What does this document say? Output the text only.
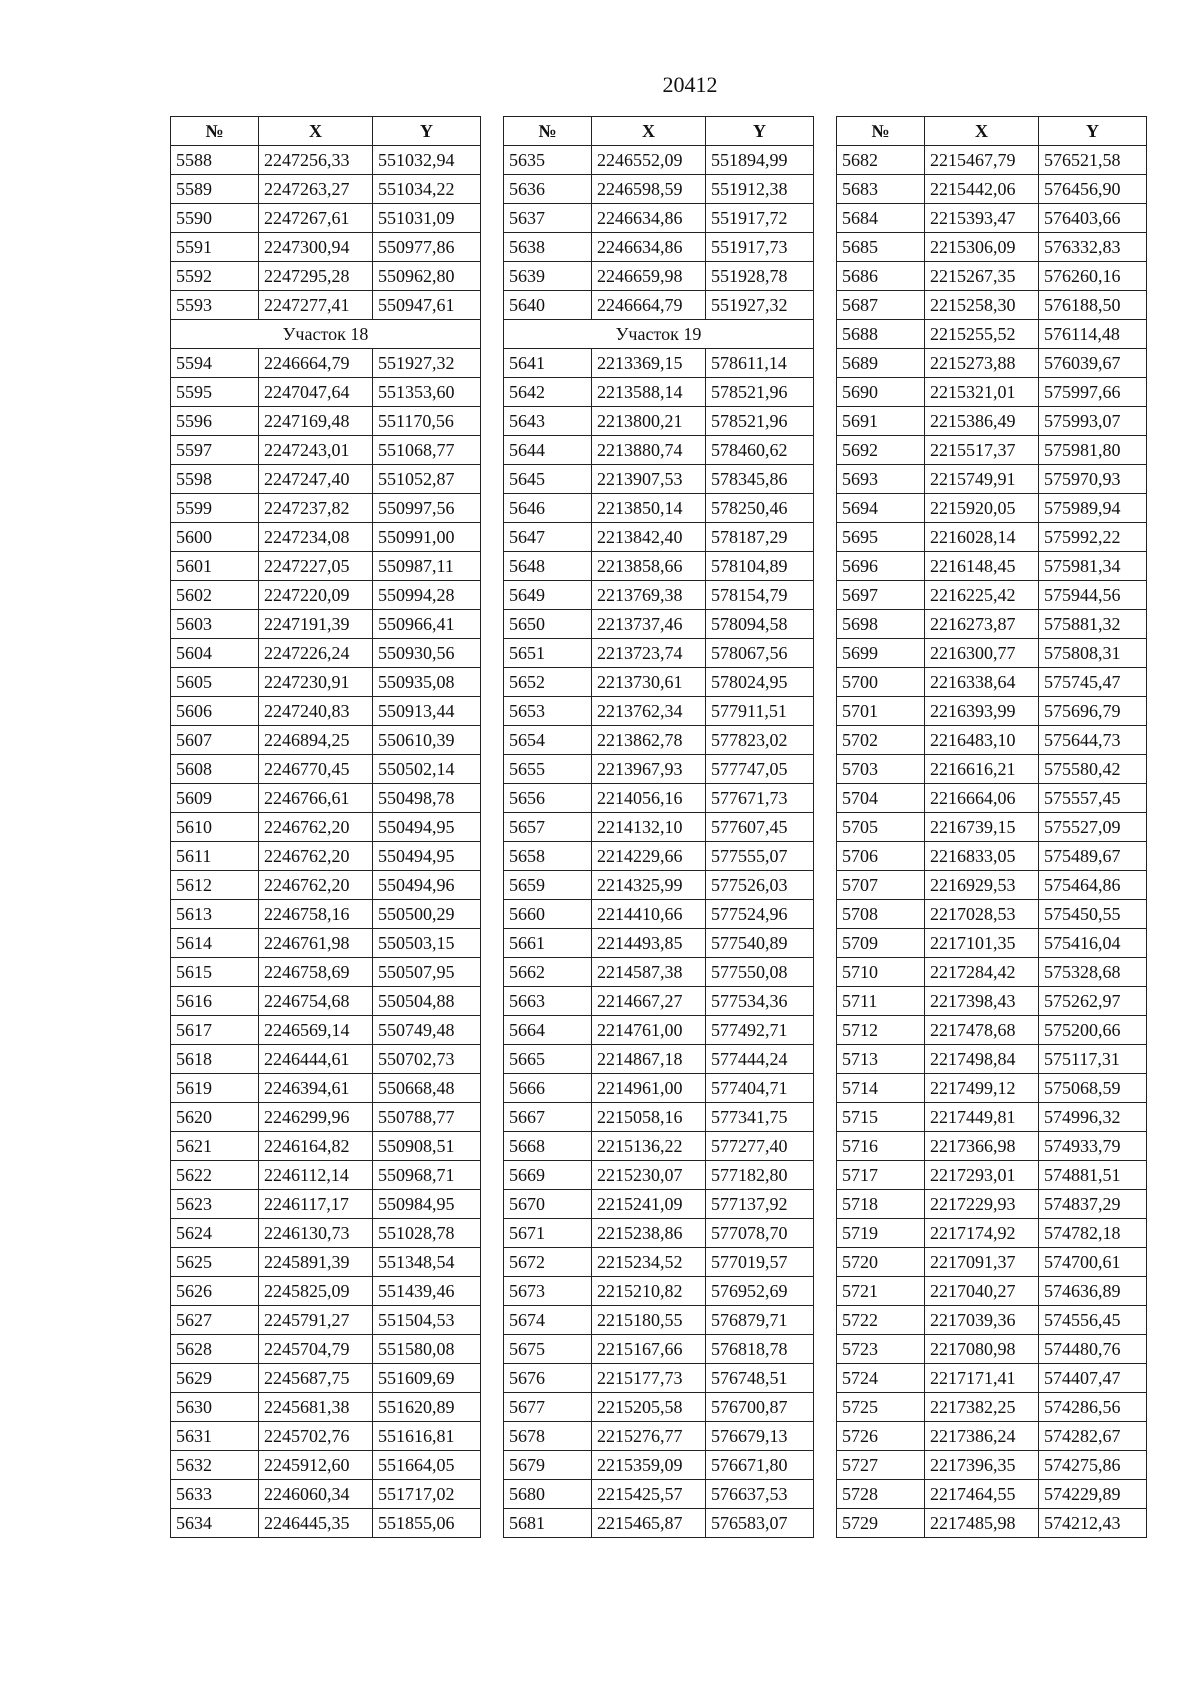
20412
№	X	Y
5588	2247256,33	551032,94
5589	2247263,27	551034,22
5590	2247267,61	551031,09
5591	2247300,94	550977,86
5592	2247295,28	550962,80
5593	2247277,41	550947,61
Участок 18		
5594	2246664,79	551927,32
5595	2247047,64	551353,60
5596	2247169,48	551170,56
5597	2247243,01	551068,77
5598	2247247,40	551052,87
5599	2247237,82	550997,56
5600	2247234,08	550991,00
5601	2247227,05	550987,11
5602	2247220,09	550994,28
5603	2247191,39	550966,41
5604	2247226,24	550930,56
5605	2247230,91	550935,08
5606	2247240,83	550913,44
5607	2246894,25	550610,39
5608	2246770,45	550502,14
5609	2246766,61	550498,78
5610	2246762,20	550494,95
5611	2246762,20	550494,95
5612	2246762,20	550494,96
5613	2246758,16	550500,29
5614	2246761,98	550503,15
5615	2246758,69	550507,95
5616	2246754,68	550504,88
5617	2246569,14	550749,48
5618	2246444,61	550702,73
5619	2246394,61	550668,48
5620	2246299,96	550788,77
5621	2246164,82	550908,51
5622	2246112,14	550968,71
5623	2246117,17	550984,95
5624	2246130,73	551028,78
5625	2245891,39	551348,54
5626	2245825,09	551439,46
5627	2245791,27	551504,53
5628	2245704,79	551580,08
5629	2245687,75	551609,69
5630	2245681,38	551620,89
5631	2245702,76	551616,81
5632	2245912,60	551664,05
5633	2246060,34	551717,02
5634	2246445,35	551855,06
№	X	Y
5635	2246552,09	551894,99
5636	2246598,59	551912,38
5637	2246634,86	551917,72
5638	2246634,86	551917,73
5639	2246659,98	551928,78
5640	2246664,79	551927,32
Участок 19		
5641	2213369,15	578611,14
5642	2213588,14	578521,96
5643	2213800,21	578521,96
5644	2213880,74	578460,62
5645	2213907,53	578345,86
5646	2213850,14	578250,46
5647	2213842,40	578187,29
5648	2213858,66	578104,89
5649	2213769,38	578154,79
5650	2213737,46	578094,58
5651	2213723,74	578067,56
5652	2213730,61	578024,95
5653	2213762,34	577911,51
5654	2213862,78	577823,02
5655	2213967,93	577747,05
5656	2214056,16	577671,73
5657	2214132,10	577607,45
5658	2214229,66	577555,07
5659	2214325,99	577526,03
5660	2214410,66	577524,96
5661	2214493,85	577540,89
5662	2214587,38	577550,08
5663	2214667,27	577534,36
5664	2214761,00	577492,71
5665	2214867,18	577444,24
5666	2214961,00	577404,71
5667	2215058,16	577341,75
5668	2215136,22	577277,40
5669	2215230,07	577182,80
5670	2215241,09	577137,92
5671	2215238,86	577078,70
5672	2215234,52	577019,57
5673	2215210,82	576952,69
5674	2215180,55	576879,71
5675	2215167,66	576818,78
5676	2215177,73	576748,51
5677	2215205,58	576700,87
5678	2215276,77	576679,13
5679	2215359,09	576671,80
5680	2215425,57	576637,53
5681	2215465,87	576583,07
№	X	Y
5682	2215467,79	576521,58
5683	2215442,06	576456,90
5684	2215393,47	576403,66
5685	2215306,09	576332,83
5686	2215267,35	576260,16
5687	2215258,30	576188,50
5688	2215255,52	576114,48
5689	2215273,88	576039,67
5690	2215321,01	575997,66
5691	2215386,49	575993,07
5692	2215517,37	575981,80
5693	2215749,91	575970,93
5694	2215920,05	575989,94
5695	2216028,14	575992,22
5696	2216148,45	575981,34
5697	2216225,42	575944,56
5698	2216273,87	575881,32
5699	2216300,77	575808,31
5700	2216338,64	575745,47
5701	2216393,99	575696,79
5702	2216483,10	575644,73
5703	2216616,21	575580,42
5704	2216664,06	575557,45
5705	2216739,15	575527,09
5706	2216833,05	575489,67
5707	2216929,53	575464,86
5708	2217028,53	575450,55
5709	2217101,35	575416,04
5710	2217284,42	575328,68
5711	2217398,43	575262,97
5712	2217478,68	575200,66
5713	2217498,84	575117,31
5714	2217499,12	575068,59
5715	2217449,81	574996,32
5716	2217366,98	574933,79
5717	2217293,01	574881,51
5718	2217229,93	574837,29
5719	2217174,92	574782,18
5720	2217091,37	574700,61
5721	2217040,27	574636,89
5722	2217039,36	574556,45
5723	2217080,98	574480,76
5724	2217171,41	574407,47
5725	2217382,25	574286,56
5726	2217386,24	574282,67
5727	2217396,35	574275,86
5728	2217464,55	574229,89
5729	2217485,98	574212,43
